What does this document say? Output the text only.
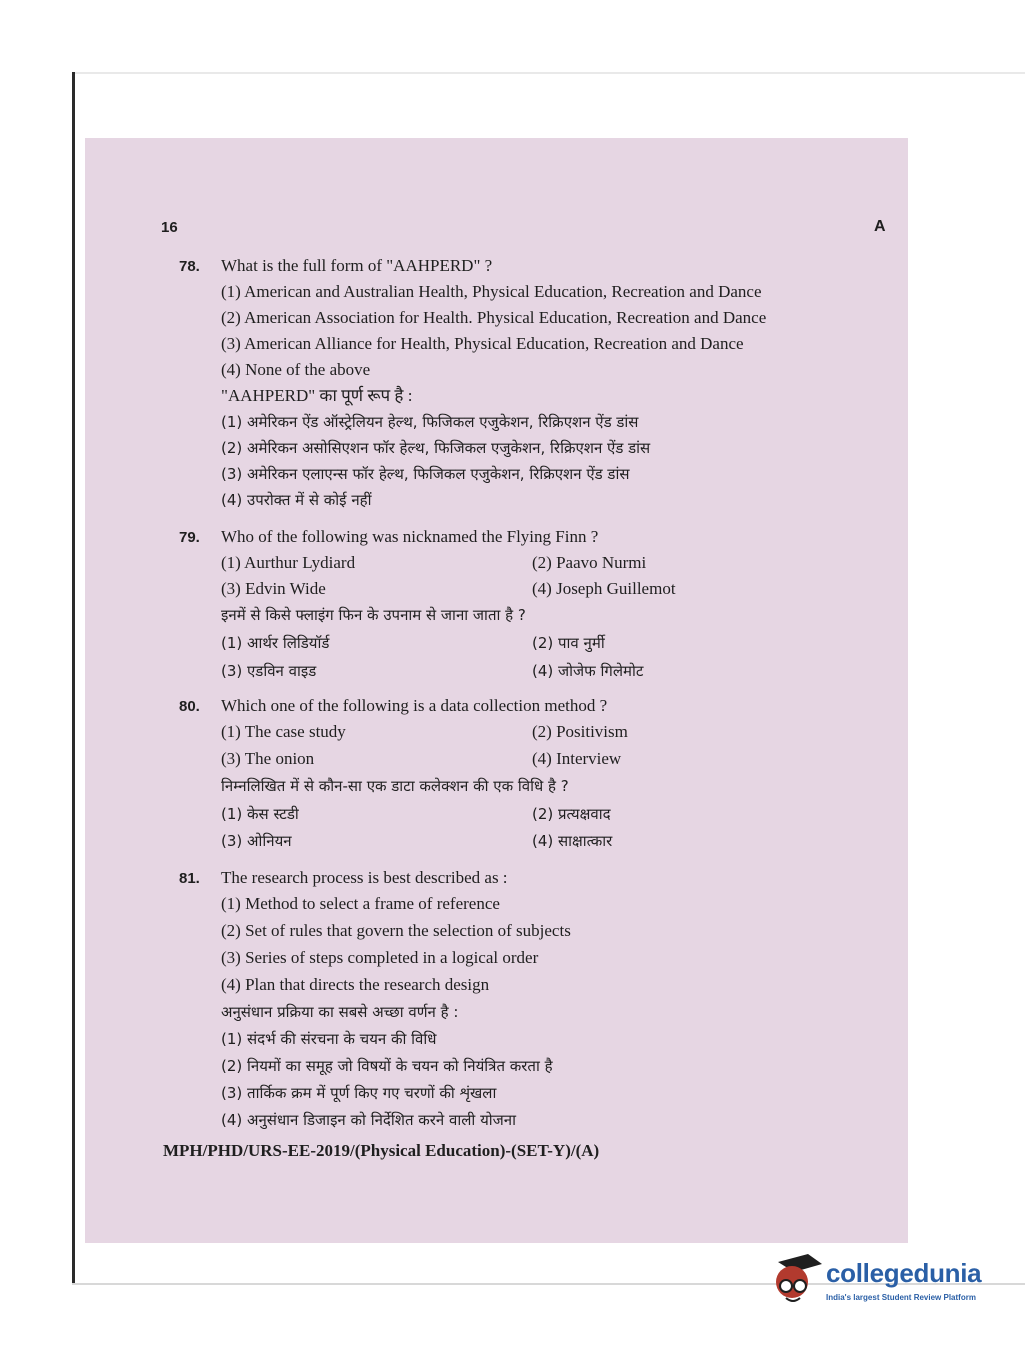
16	A
78.	What is the full form of "AAHPERD" ?
(1) American and Australian Health, Physical Education, Recreation and Dance
(2) American Association for Health. Physical Education, Recreation and Dance
(3) American Alliance for Health, Physical Education, Recreation and Dance
(4) None of the above
"AAHPERD" का पूर्ण रूप है :
(1) अमेरिकन ऐंड ऑस्ट्रेलियन हेल्थ, फिजिकल एजुकेशन, रिक्रिएशन ऐंड डांस
(2) अमेरिकन असोसिएशन फॉर हेल्थ, फिजिकल एजुकेशन, रिक्रिएशन ऐंड डांस
(3) अमेरिकन एलाएन्स फॉर हेल्थ, फिजिकल एजुकेशन, रिक्रिएशन ऐंड डांस
(4) उपरोक्त में से कोई नहीं
79.	Who of the following was nicknamed the Flying Finn ?
(1) Aurthur Lydiard	(2) Paavo Nurmi
(3) Edvin Wide	(4) Joseph Guillemot
इनमें से किसे फ्लाइंग फिन के उपनाम से जाना जाता है ?
(1) आर्थर लिडियॉर्ड	(2) पाव नुर्मी
(3) एडविन वाइड	(4) जोजेफ गिलेमोट
80.	Which one of the following is a data collection method ?
(1) The case study	(2) Positivism
(3) The onion	(4) Interview
निम्नलिखित में से कौन-सा एक डाटा कलेक्शन की एक विधि है ?
(1) केस स्टडी	(2) प्रत्यक्षवाद
(3) ओनियन	(4) साक्षात्कार
81.	The research process is best described as :
(1) Method to select a frame of reference
(2) Set of rules that govern the selection of subjects
(3) Series of steps completed in a logical order
(4) Plan that directs the research design
अनुसंधान प्रक्रिया का सबसे अच्छा वर्णन है :
(1) संदर्भ की संरचना के चयन की विधि
(2) नियमों का समूह जो विषयों के चयन को नियंत्रित करता है
(3) तार्किक क्रम में पूर्ण किए गए चरणों की शृंखला
(4) अनुसंधान डिजाइन को निर्देशित करने वाली योजना
MPH/PHD/URS-EE-2019/(Physical Education)-(SET-Y)/(A)
collegedunia
India's largest Student Review Platform
